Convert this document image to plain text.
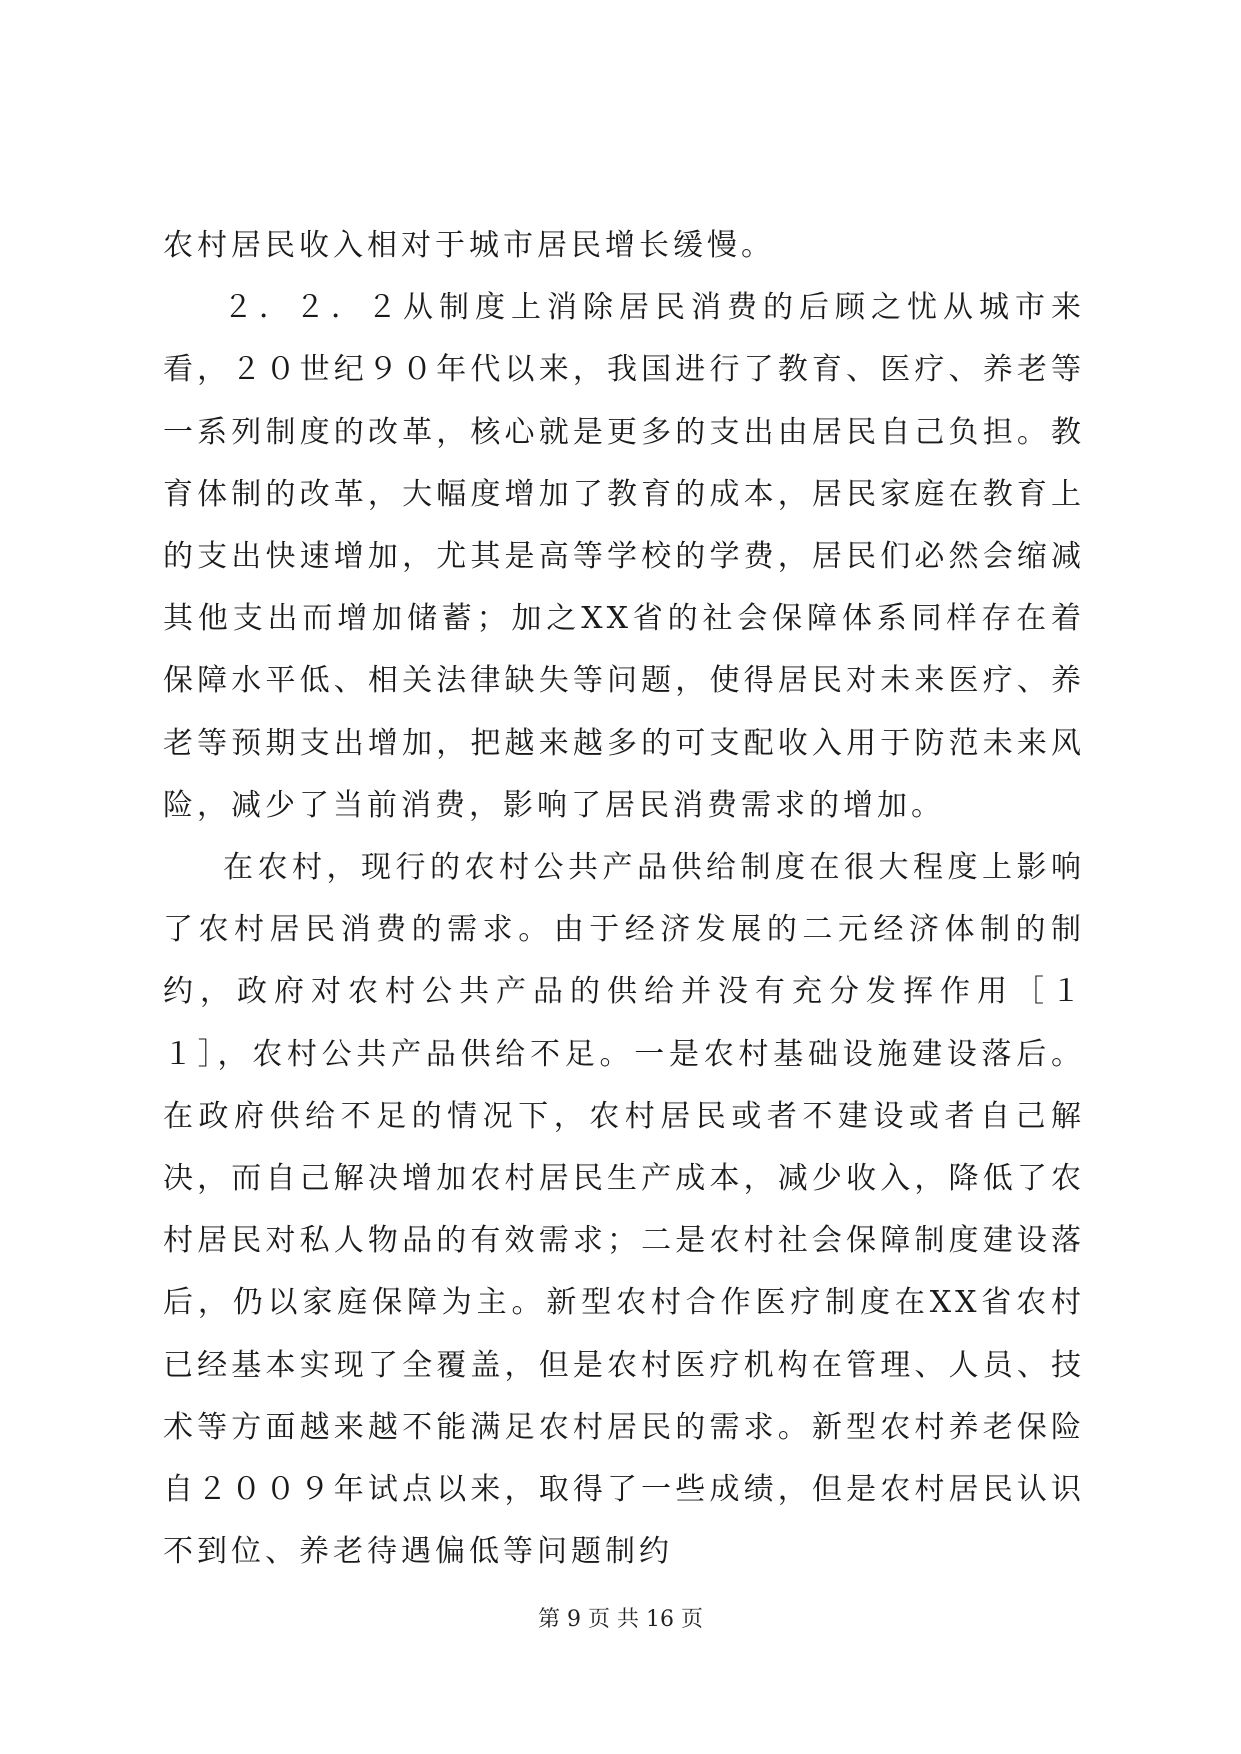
农村居民收入相对于城市居民增长缓慢。

２．２．２从制度上消除居民消费的后顾之忧从城市来看，２０世纪９０年代以来，我国进行了教育、医疗、养老等一系列制度的改革，核心就是更多的支出由居民自己负担。教育体制的改革，大幅度增加了教育的成本，居民家庭在教育上的支出快速增加，尤其是高等学校的学费，居民们必然会缩减其他支出而增加储蓄；加之XX省的社会保障体系同样存在着保障水平低、相关法律缺失等问题，使得居民对未来医疗、养老等预期支出增加，把越来越多的可支配收入用于防范未来风险，减少了当前消费，影响了居民消费需求的增加。

在农村，现行的农村公共产品供给制度在很大程度上影响了农村居民消费的需求。由于经济发展的二元经济体制的制约，政府对农村公共产品的供给并没有充分发挥作用［１１］，农村公共产品供给不足。一是农村基础设施建设落后。在政府供给不足的情况下，农村居民或者不建设或者自己解决，而自己解决增加农村居民生产成本，减少收入，降低了农村居民对私人物品的有效需求；二是农村社会保障制度建设落后，仍以家庭保障为主。新型农村合作医疗制度在XX省农村已经基本实现了全覆盖，但是农村医疗机构在管理、人员、技术等方面越来越不能满足农村居民的需求。新型农村养老保险自２００９年试点以来，取得了一些成绩，但是农村居民认识不到位、养老待遇偏低等问题制约

第 9 页 共 16 页
